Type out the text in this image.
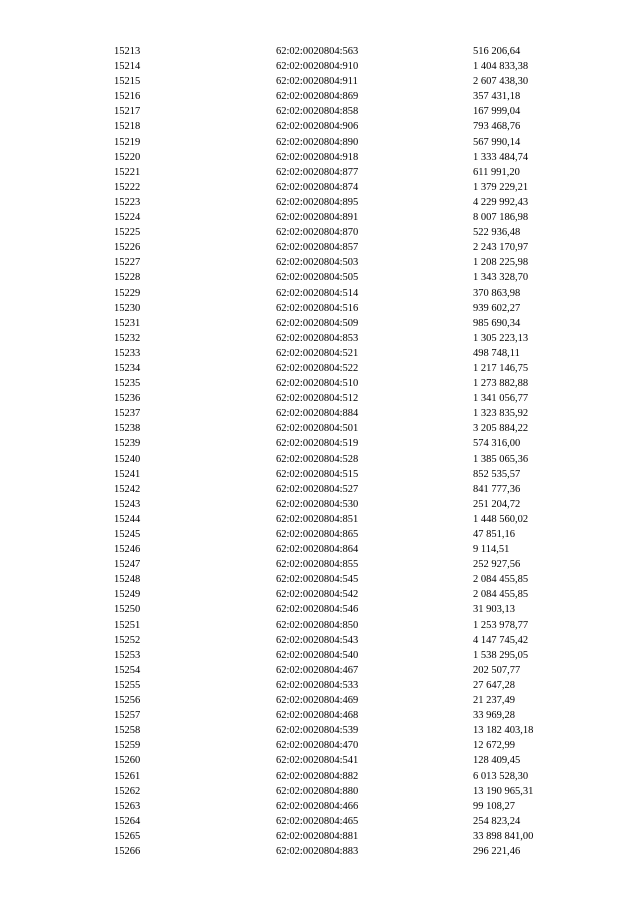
15213	62:02:0020804:563	516 206,64
15214	62:02:0020804:910	1 404 833,38
15215	62:02:0020804:911	2 607 438,30
15216	62:02:0020804:869	357 431,18
15217	62:02:0020804:858	167 999,04
15218	62:02:0020804:906	793 468,76
15219	62:02:0020804:890	567 990,14
15220	62:02:0020804:918	1 333 484,74
15221	62:02:0020804:877	611 991,20
15222	62:02:0020804:874	1 379 229,21
15223	62:02:0020804:895	4 229 992,43
15224	62:02:0020804:891	8 007 186,98
15225	62:02:0020804:870	522 936,48
15226	62:02:0020804:857	2 243 170,97
15227	62:02:0020804:503	1 208 225,98
15228	62:02:0020804:505	1 343 328,70
15229	62:02:0020804:514	370 863,98
15230	62:02:0020804:516	939 602,27
15231	62:02:0020804:509	985 690,34
15232	62:02:0020804:853	1 305 223,13
15233	62:02:0020804:521	498 748,11
15234	62:02:0020804:522	1 217 146,75
15235	62:02:0020804:510	1 273 882,88
15236	62:02:0020804:512	1 341 056,77
15237	62:02:0020804:884	1 323 835,92
15238	62:02:0020804:501	3 205 884,22
15239	62:02:0020804:519	574 316,00
15240	62:02:0020804:528	1 385 065,36
15241	62:02:0020804:515	852 535,57
15242	62:02:0020804:527	841 777,36
15243	62:02:0020804:530	251 204,72
15244	62:02:0020804:851	1 448 560,02
15245	62:02:0020804:865	47 851,16
15246	62:02:0020804:864	9 114,51
15247	62:02:0020804:855	252 927,56
15248	62:02:0020804:545	2 084 455,85
15249	62:02:0020804:542	2 084 455,85
15250	62:02:0020804:546	31 903,13
15251	62:02:0020804:850	1 253 978,77
15252	62:02:0020804:543	4 147 745,42
15253	62:02:0020804:540	1 538 295,05
15254	62:02:0020804:467	202 507,77
15255	62:02:0020804:533	27 647,28
15256	62:02:0020804:469	21 237,49
15257	62:02:0020804:468	33 969,28
15258	62:02:0020804:539	13 182 403,18
15259	62:02:0020804:470	12 672,99
15260	62:02:0020804:541	128 409,45
15261	62:02:0020804:882	6 013 528,30
15262	62:02:0020804:880	13 190 965,31
15263	62:02:0020804:466	99 108,27
15264	62:02:0020804:465	254 823,24
15265	62:02:0020804:881	33 898 841,00
15266	62:02:0020804:883	296 221,46
